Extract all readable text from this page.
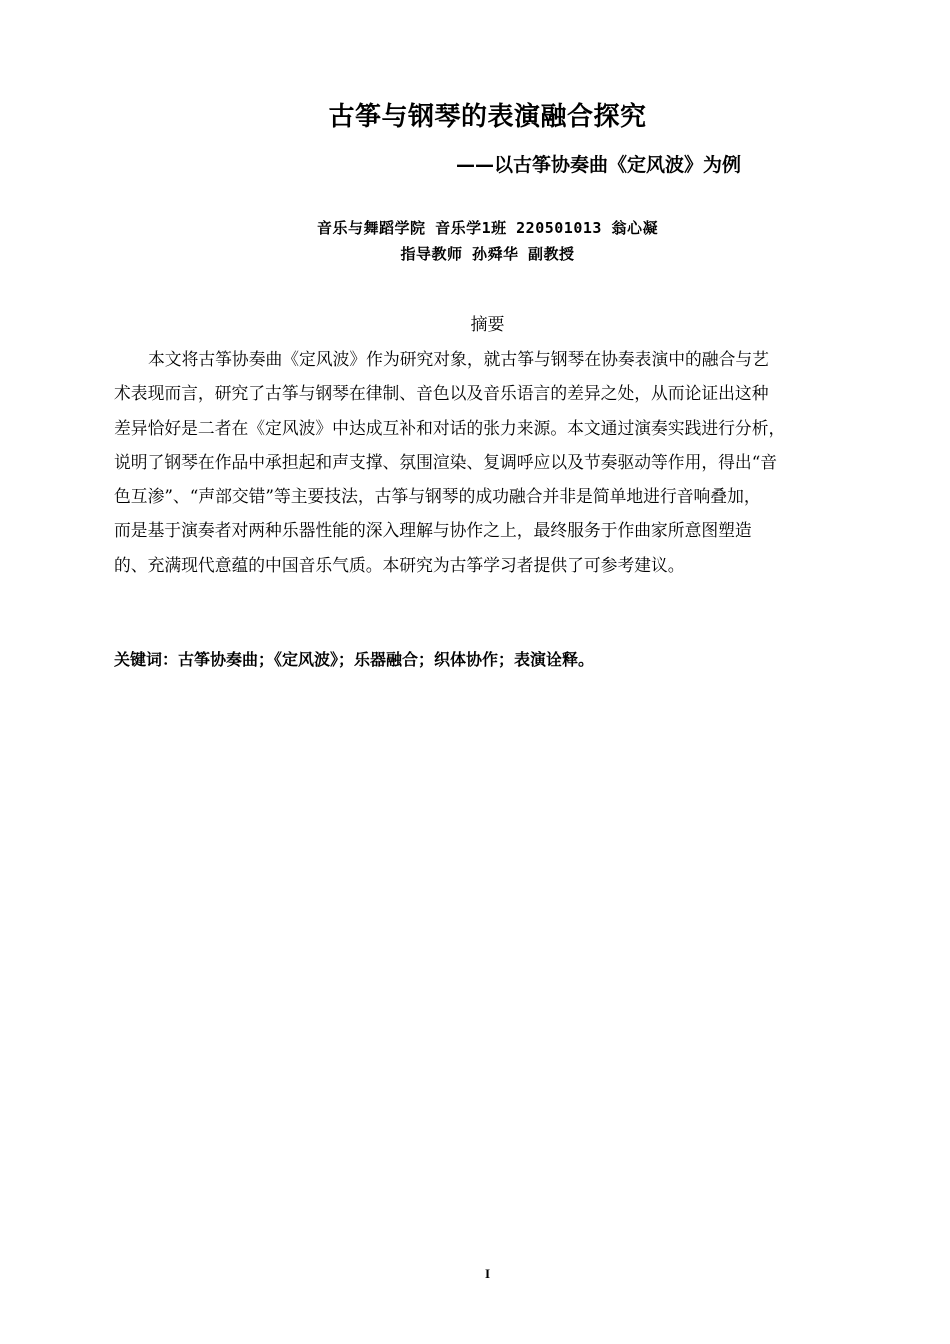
古筝与钢琴的表演融合探究
——以古筝协奏曲《定风波》为例
音乐与舞蹈学院 音乐学1班 220501013 翁心凝
指导教师 孙舜华 副教授
摘要
本文将古筝协奏曲《定风波》作为研究对象，就古筝与钢琴在协奏表演中的融合与艺
术表现而言，研究了古筝与钢琴在律制、音色以及音乐语言的差异之处，从而论证出这种
差异恰好是二者在《定风波》中达成互补和对话的张力来源。本文通过演奏实践进行分析，
说明了钢琴在作品中承担起和声支撑、氛围渲染、复调呼应以及节奏驱动等作用，得出“音
色互渗”、“声部交错”等主要技法，古筝与钢琴的成功融合并非是简单地进行音响叠加，
而是基于演奏者对两种乐器性能的深入理解与协作之上，最终服务于作曲家所意图塑造
的、充满现代意蕴的中国音乐气质。本研究为古筝学习者提供了可参考建议。
关键词：古筝协奏曲；《定风波》；乐器融合；织体协作；表演诠释。
I
